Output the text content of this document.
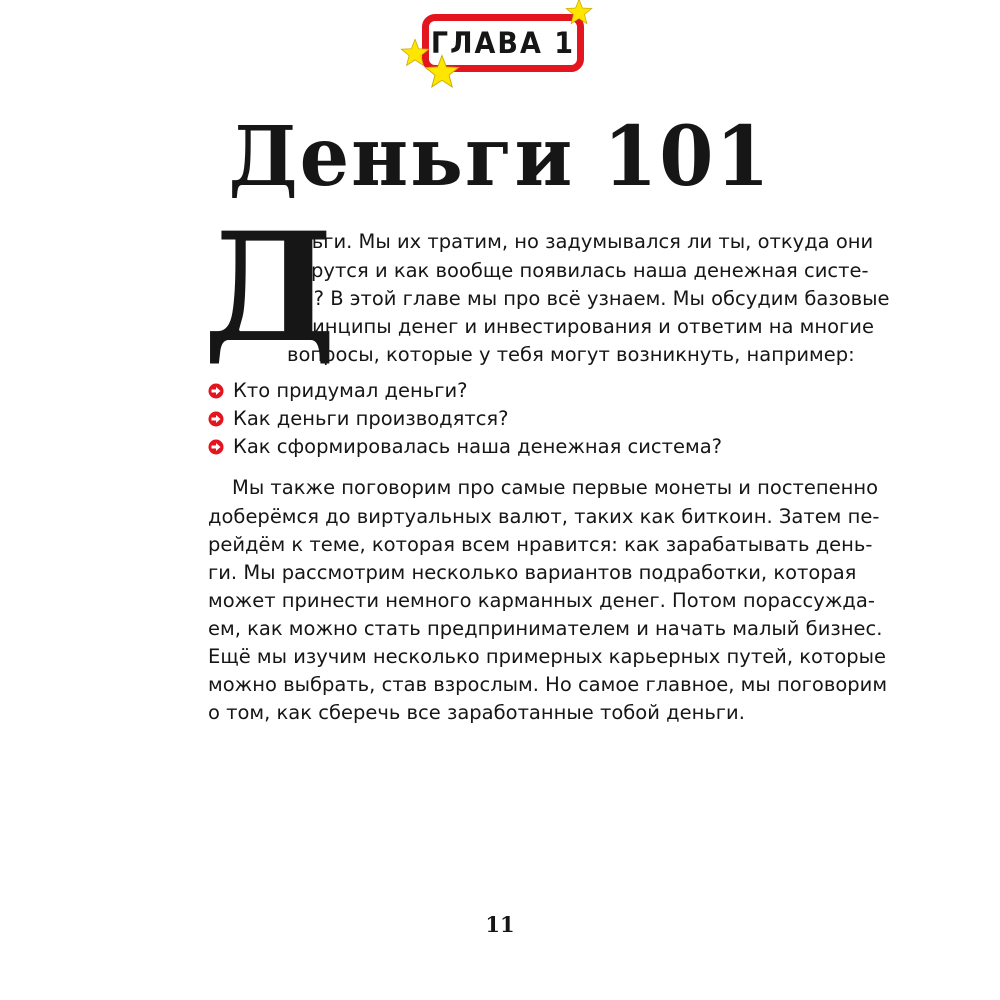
ГЛАВА 1
Деньги 101
Д
еньги. Мы их тратим, но задумывался ли ты, откуда они
берутся и как вообще появилась наша денежная систе-
ма? В этой главе мы про всё узнаем. Мы обсудим базовые
принципы денег и инвестирования и ответим на многие
вопросы, которые у тебя могут возникнуть, например:
Кто придумал деньги?
Как деньги производятся?
Как сформировалась наша денежная система?
Мы также поговорим про самые первые монеты и постепенно
доберёмся до виртуальных валют, таких как биткоин. Затем пе-
рейдём к теме, которая всем нравится: как зарабатывать день-
ги. Мы рассмотрим несколько вариантов подработки, которая
может принести немного карманных денег. Потом порассужда-
ем, как можно стать предпринимателем и начать малый бизнес.
Ещё мы изучим несколько примерных карьерных путей, которые
можно выбрать, став взрослым. Но самое главное, мы поговорим
о том, как сберечь все заработанные тобой деньги.
11
